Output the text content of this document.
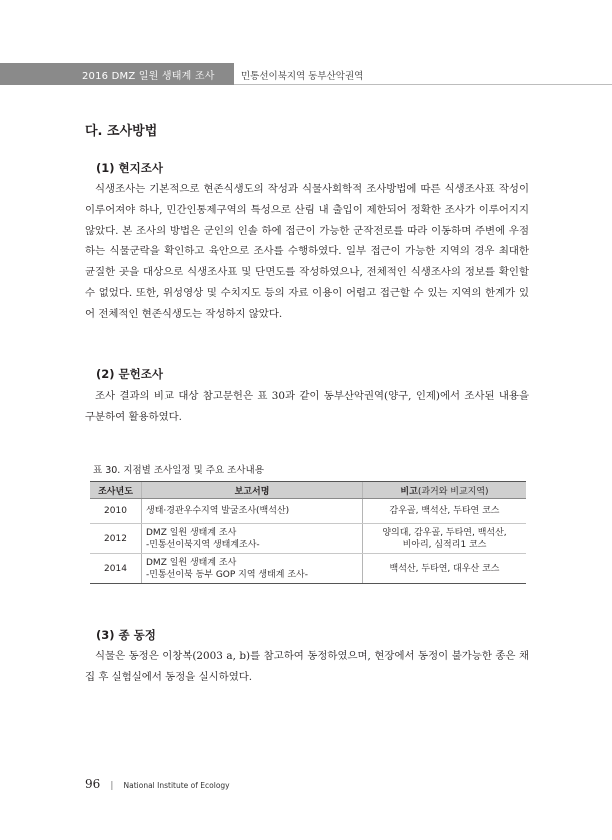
2016 DMZ 일원 생태계 조사	민통선이북지역 동부산악권역
다. 조사방법
(1) 현지조사

식생조사는 기본적으로 현존식생도의 작성과 식물사회학적 조사방법에 따른 식생조사표 작성이 이루어져야 하나, 민간인통제구역의 특성으로 산림 내 출입이 제한되어 정확한 조사가 이루어지지 않았다. 본 조사의 방법은 군인의 인솔 하에 접근이 가능한 군작전로를 따라 이동하며 주변에 우점하는 식물군락을 확인하고 육안으로 조사를 수행하였다. 일부 접근이 가능한 지역의 경우 최대한 균질한 곳을 대상으로 식생조사표 및 단면도를 작성하였으나, 전체적인 식생조사의 정보를 확인할 수 없었다. 또한, 위성영상 및 수치지도 등의 자료 이용이 어렵고 접근할 수 있는 지역의 한계가 있어 전체적인 현존식생도는 작성하지 않았다.

(2) 문헌조사

조사 결과의 비교 대상 참고문헌은 표 30과 같이 동부산악권역(양구, 인제)에서 조사된 내용을 구분하여 활용하였다.

표 30. 지점별 조사일정 및 주요 조사내용
조사년도	보고서명	비고(과거와 비교지역)
2010	생태·경관우수지역 발굴조사(백석산)	감우골, 백석산, 두타연 코스

2012	DMZ 일원 생태계 조사
-민통선이북지역 생태계조사-	양의대, 감우골, 두타연, 백석산,
비아리, 심적리1 코스

2014	DMZ 일원 생태계 조사
-민통선이북 동부 GOP 지역 생태계 조사-	백석산, 두타연, 대우산 코스
(3) 종 동정

식물은 동정은 이창복(2003 a, b)를 참고하여 동정하였으며, 현장에서 동정이 불가능한 종은 채집 후 실험실에서 동정을 실시하였다.

96 | National Institute of Ecology
